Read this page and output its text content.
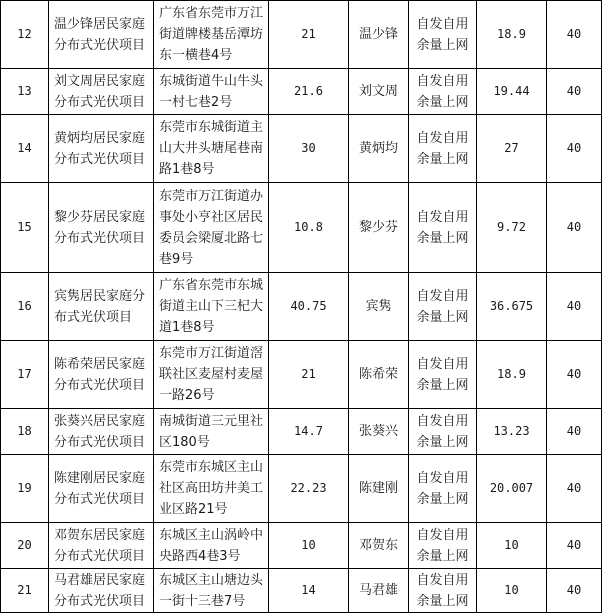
12	温少锋居民家庭分布式光伏项目	广东省东莞市万江街道牌楼基岳潭坊东一横巷4号	21	温少锋	自发自用余量上网	18.9	40
13	刘文周居民家庭分布式光伏项目	东城街道牛山牛头一村七巷2号	21.6	刘文周	自发自用余量上网	19.44	40
14	黄炳均居民家庭分布式光伏项目	东莞市东城街道主山大井头塘尾巷南路1巷8号	30	黄炳均	自发自用余量上网	27	40
15	黎少芬居民家庭分布式光伏项目	东莞市万江街道办事处小亨社区居民委员会梁厦北路七巷9号	10.8	黎少芬	自发自用余量上网	9.72	40
16	宾隽居民家庭分布式光伏项目	广东省东莞市东城街道主山下三杞大道1巷8号	40.75	宾隽	自发自用余量上网	36.675	40
17	陈希荣居民家庭分布式光伏项目	东莞市万江街道滘联社区麦屋村麦屋一路26号	21	陈希荣	自发自用余量上网	18.9	40
18	张葵兴居民家庭分布式光伏项目	南城街道三元里社区180号	14.7	张葵兴	自发自用余量上网	13.23	40
19	陈建刚居民家庭分布式光伏项目	东莞市东城区主山社区高田坊井美工业区路21号	22.23	陈建刚	自发自用余量上网	20.007	40
20	邓贺东居民家庭分布式光伏项目	东城区主山涡岭中央路西4巷3号	10	邓贺东	自发自用余量上网	10	40
21	马君雄居民家庭分布式光伏项目	东城区主山塘边头一街十三巷7号	14	马君雄	自发自用余量上网	10	40
